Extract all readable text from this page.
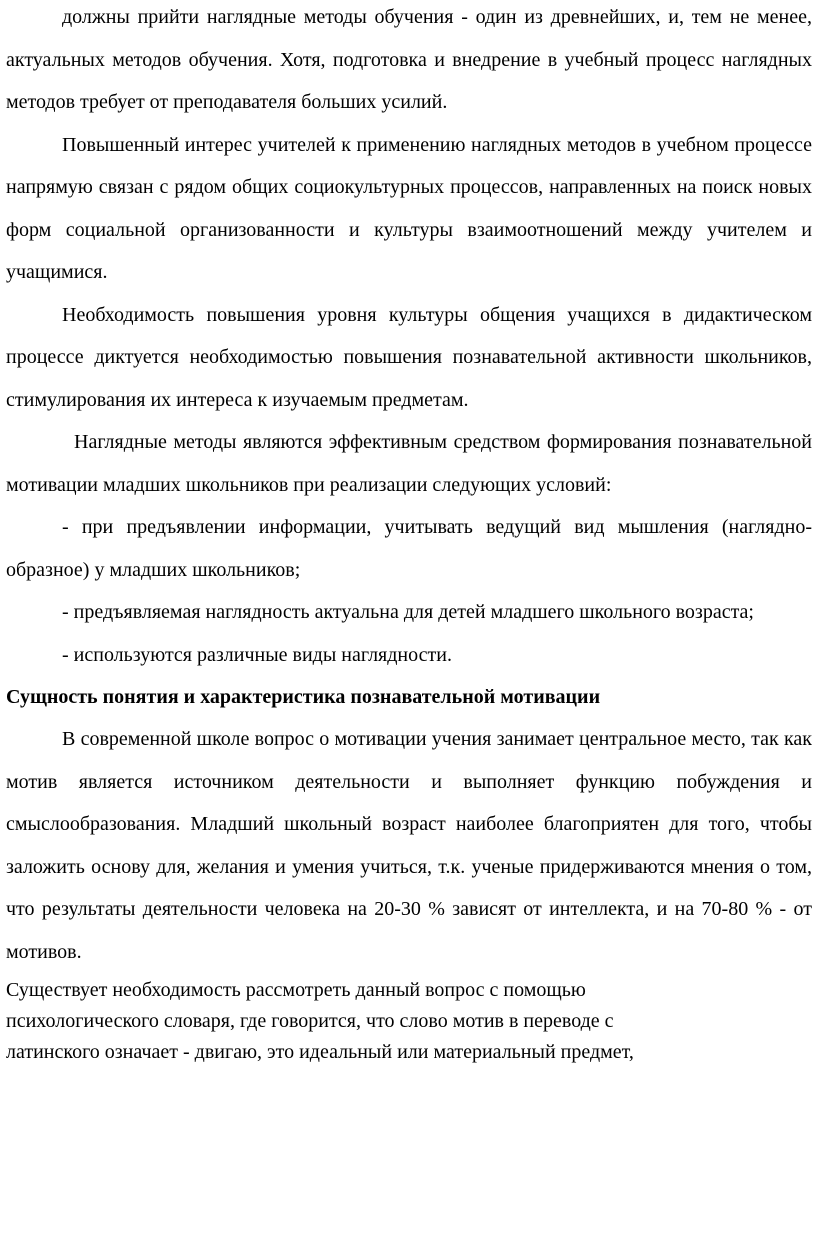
должны прийти наглядные методы обучения - один из древнейших, и, тем не менее, актуальных методов обучения. Хотя, подготовка и внедрение в учебный процесс наглядных методов требует от преподавателя больших усилий.

Повышенный интерес учителей к применению наглядных методов в учебном процессе напрямую связан с рядом общих социокультурных процессов, направленных на поиск новых форм социальной организованности и культуры взаимоотношений между учителем и учащимися.

Необходимость повышения уровня культуры общения учащихся в дидактическом процессе диктуется необходимостью повышения познавательной активности школьников, стимулирования их интереса к изучаемым предметам.

Наглядные методы являются эффективным средством формирования познавательной мотивации младших школьников при реализации следующих условий:

- при предъявлении информации, учитывать ведущий вид мышления (наглядно-образное) у младших школьников;

- предъявляемая наглядность актуальна для детей младшего школьного возраста;

- используются различные виды наглядности.

Сущность понятия и характеристика познавательной мотивации

В современной школе вопрос о мотивации учения занимает центральное место, так как мотив является источником деятельности и выполняет функцию побуждения и смыслообразования. Младший школьный возраст наиболее благоприятен для того, чтобы заложить основу для, желания и умения учиться, т.к. ученые придерживаются мнения о том, что результаты деятельности человека на 20-30 % зависят от интеллекта, и на 70-80 % - от мотивов.

Существует необходимость рассмотреть данный вопрос с помощью
психологического словаря, где говорится, что слово мотив в переводе с
латинского означает - двигаю, это идеальный или материальный предмет,
